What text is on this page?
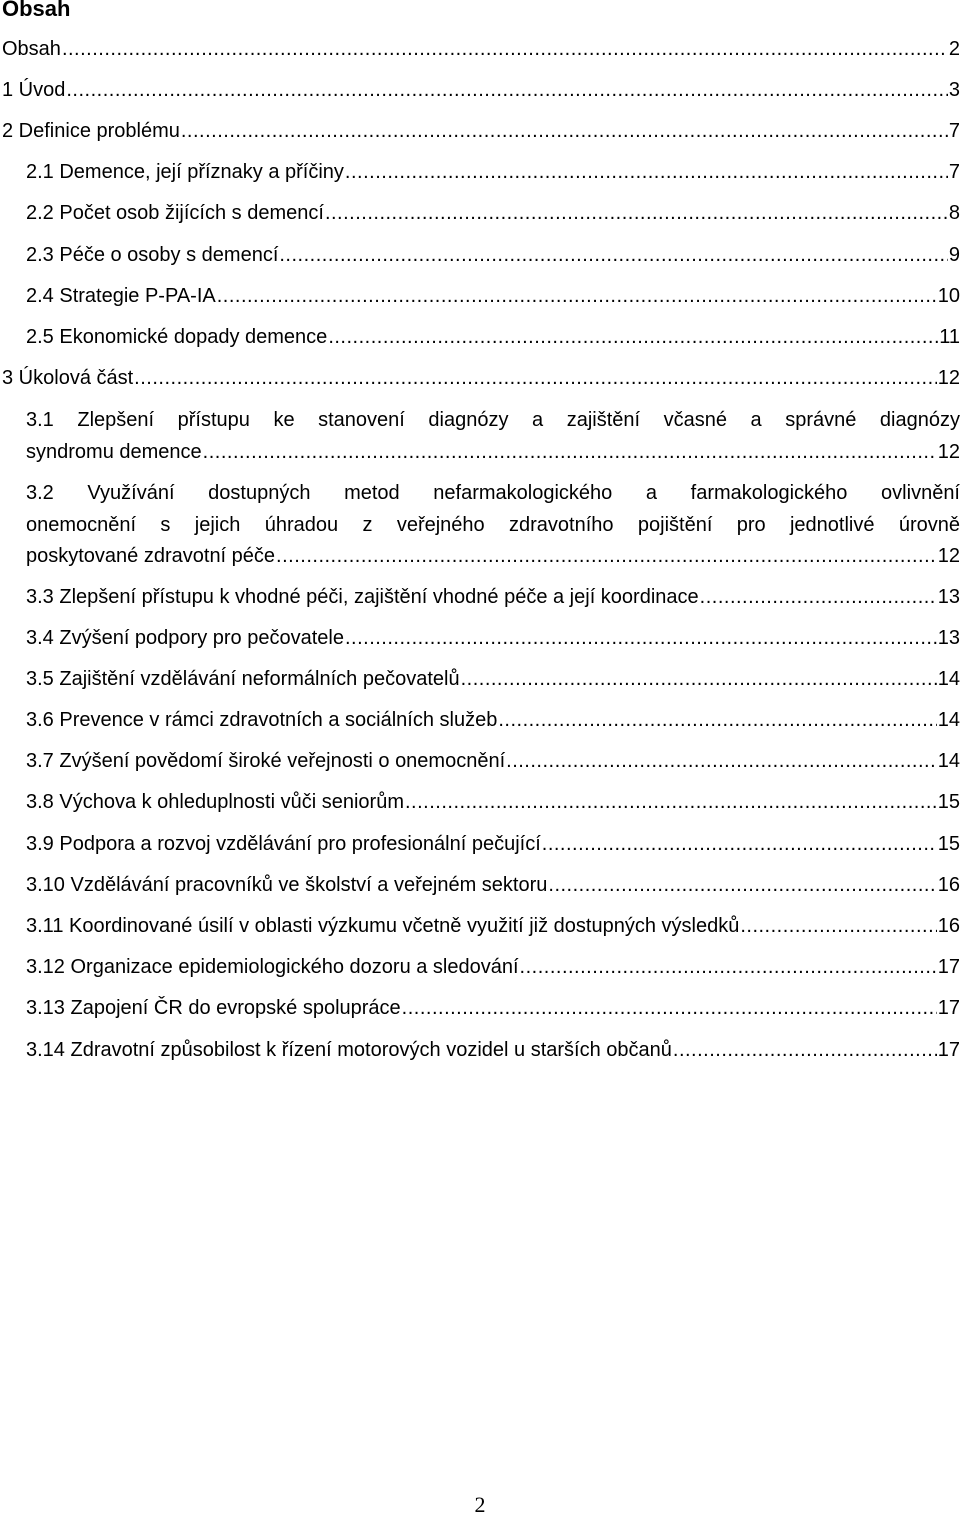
Obsah
Obsah .....	2
1 Úvod .....	3
2 Definice problému .....	7
2.1 Demence, její příznaky a příčiny .....	7
2.2 Počet osob žijících s demencí .....	8
2.3 Péče o osoby s demencí .....	9
2.4 Strategie P-PA-IA .....	10
2.5 Ekonomické dopady demence .....	11
3 Úkolová část .....	12
3.1 Zlepšení přístupu ke stanovení diagnózy a zajištění včasné a správné diagnózy
syndromu demence .....	12
3.2 Využívání dostupných metod nefarmakologického a farmakologického ovlivnění
onemocnění s jejich úhradou z veřejného zdravotního pojištění pro jednotlivé úrovně
poskytované zdravotní péče .....	12
3.3 Zlepšení přístupu k vhodné péči, zajištění vhodné péče a její koordinace .....	13
3.4 Zvýšení podpory pro pečovatele .....	13
3.5 Zajištění vzdělávání neformálních pečovatelů .....	14
3.6 Prevence v rámci zdravotních a sociálních služeb .....	14
3.7 Zvýšení povědomí široké veřejnosti o onemocnění .....	14
3.8 Výchova k ohleduplnosti vůči seniorům .....	15
3.9 Podpora a rozvoj vzdělávání pro profesionální pečující .....	15
3.10 Vzdělávání pracovníků ve školství a veřejném sektoru .....	16
3.11 Koordinované úsilí v oblasti výzkumu včetně využití již dostupných výsledků .....	16
3.12 Organizace epidemiologického dozoru a sledování .....	17
3.13 Zapojení ČR do evropské spolupráce .....	17
3.14 Zdravotní způsobilost k řízení motorových vozidel u starších občanů .....	17
2
